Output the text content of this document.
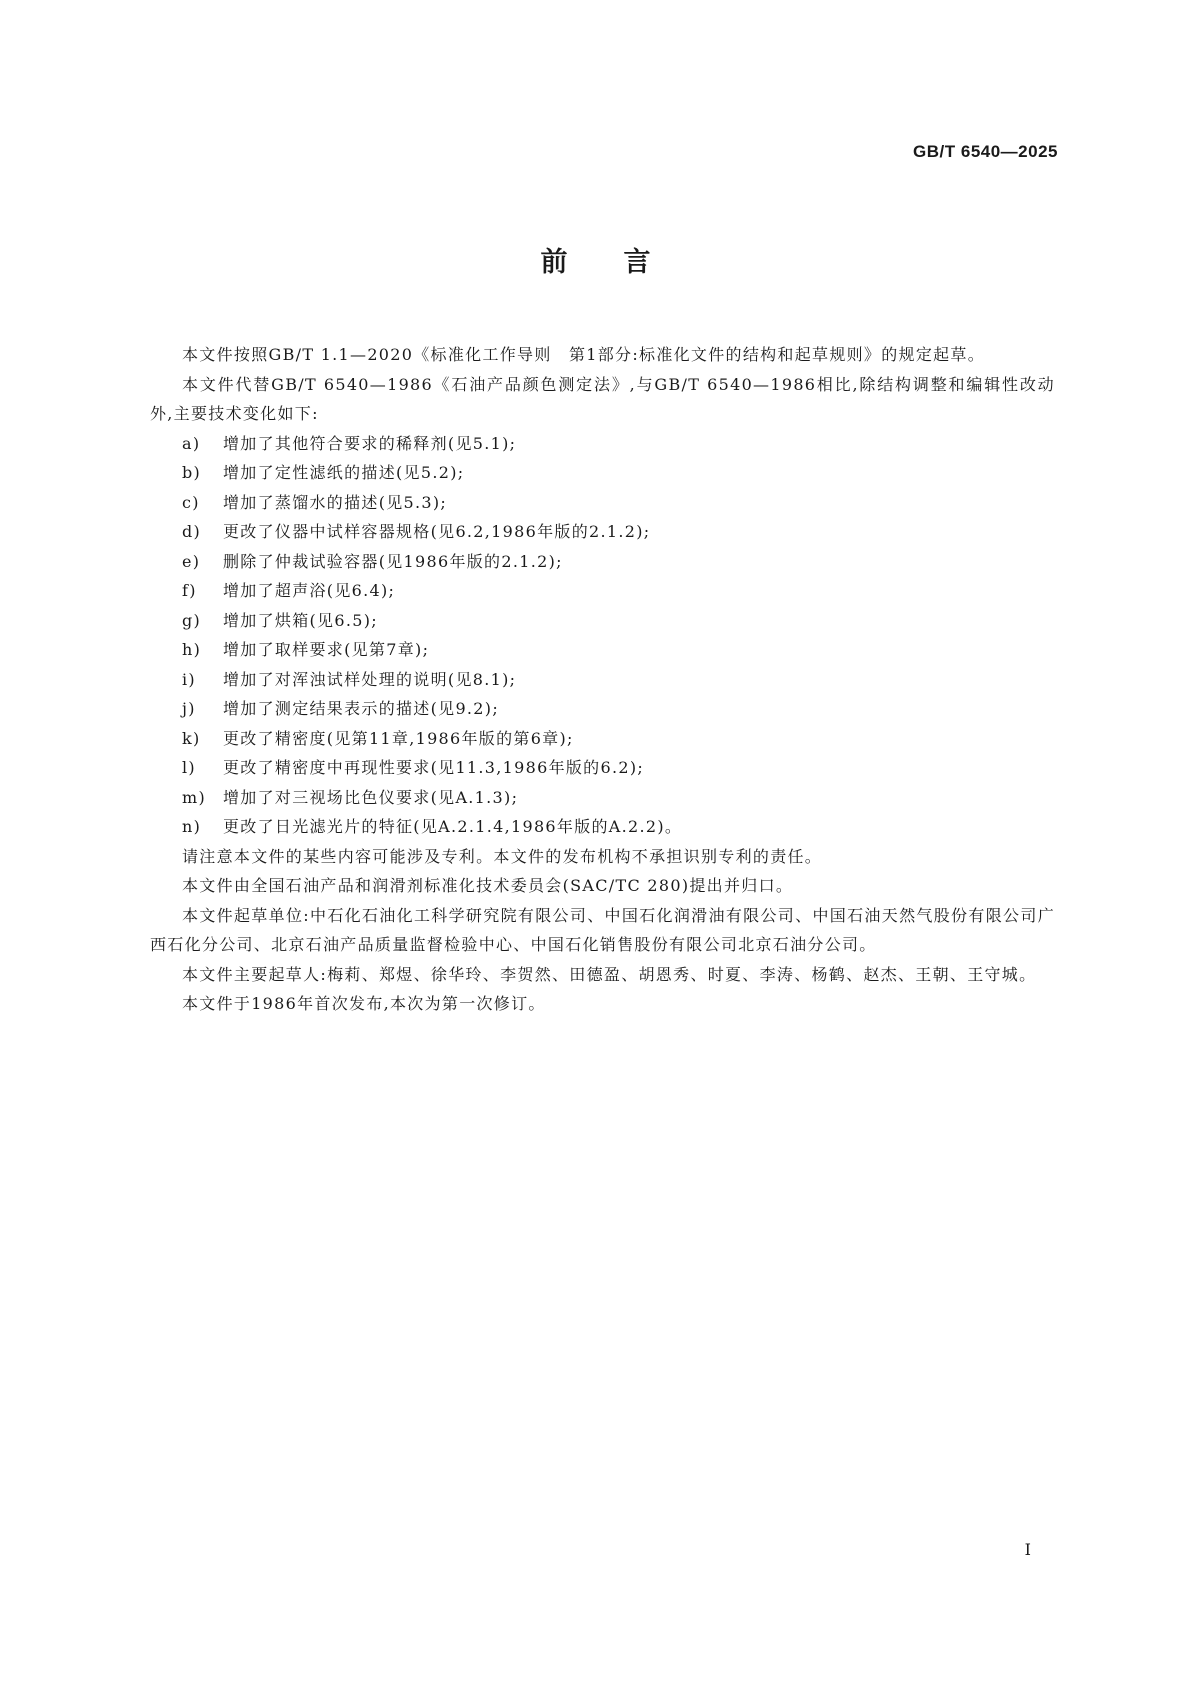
GB/T 6540—2025
前言

本文件按照GB/T 1.1—2020《标准化工作导则　第1部分:标准化文件的结构和起草规则》的规定起草。

本文件代替GB/T 6540—1986《石油产品颜色测定法》,与GB/T 6540—1986相比,除结构调整和编辑性改动外,主要技术变化如下:

a)	增加了其他符合要求的稀释剂(见5.1);
b)	增加了定性滤纸的描述(见5.2);
c)	增加了蒸馏水的描述(见5.3);
d)	更改了仪器中试样容器规格(见6.2,1986年版的2.1.2);
e)	删除了仲裁试验容器(见1986年版的2.1.2);
f)	增加了超声浴(见6.4);
g)	增加了烘箱(见6.5);
h)	增加了取样要求(见第7章);
i)	增加了对浑浊试样处理的说明(见8.1);
j)	增加了测定结果表示的描述(见9.2);
k)	更改了精密度(见第11章,1986年版的第6章);
l)	更改了精密度中再现性要求(见11.3,1986年版的6.2);
m)	增加了对三视场比色仪要求(见A.1.3);
n)	更改了日光滤光片的特征(见A.2.1.4,1986年版的A.2.2)。

请注意本文件的某些内容可能涉及专利。本文件的发布机构不承担识别专利的责任。

本文件由全国石油产品和润滑剂标准化技术委员会(SAC/TC 280)提出并归口。

本文件起草单位:中石化石油化工科学研究院有限公司、中国石化润滑油有限公司、中国石油天然气股份有限公司广西石化分公司、北京石油产品质量监督检验中心、中国石化销售股份有限公司北京石油分公司。

本文件主要起草人:梅莉、郑煜、徐华玲、李贺然、田德盈、胡恩秀、时夏、李涛、杨鹤、赵杰、王朝、王守城。

本文件于1986年首次发布,本次为第一次修订。

I
